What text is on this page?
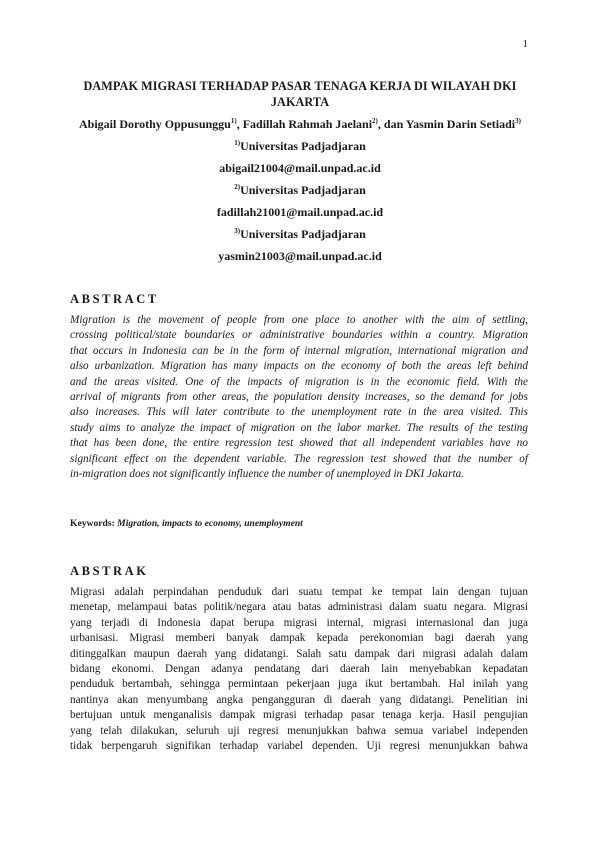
1
DAMPAK MIGRASI TERHADAP PASAR TENAGA KERJA DI WILAYAH DKI
JAKARTA
Abigail Dorothy Oppusunggu$^{1)}$, Fadillah Rahmah Jaelani$^{2)}$, dan Yasmin Darin Setiadi$^{3)}$
$^{1)}$Universitas Padjadjaran
abigail21004@mail.unpad.ac.id
$^{2)}$Universitas Padjadjaran
fadillah21001@mail.unpad.ac.id
$^{3)}$Universitas Padjadjaran
yasmin21003@mail.unpad.ac.id
ABSTRACT
Migration is the movement of people from one place to another with the aim of settling,
crossing political/state boundaries or administrative boundaries within a country. Migration
that occurs in Indonesia can be in the form of internal migration, international migration and
also urbanization. Migration has many impacts on the economy of both the areas left behind
and the areas visited. One of the impacts of migration is in the economic field. With the
arrival of migrants from other areas, the population density increases, so the demand for jobs
also increases. This will later contribute to the unemployment rate in the area visited. This
study aims to analyze the impact of migration on the labor market. The results of the testing
that has been done, the entire regression test showed that all independent variables have no
significant effect on the dependent variable. The regression test showed that the number of
in-migration does not significantly influence the number of unemployed in DKI Jakarta.
Keywords: Migration, impacts to economy, unemployment
ABSTRAK
Migrasi adalah perpindahan penduduk dari suatu tempat ke tempat lain dengan tujuan
menetap, melampaui batas politik/negara atau batas administrasi dalam suatu negara. Migrasi
yang terjadi di Indonesia dapat berupa migrasi internal, migrasi internasional dan juga
urbanisasi. Migrasi memberi banyak dampak kepada perekonomian bagi daerah yang
ditinggalkan maupun daerah yang didatangi. Salah satu dampak dari migrasi adalah dalam
bidang ekonomi. Dengan adanya pendatang dari daerah lain menyebabkan kepadatan
penduduk bertambah, sehingga permintaan pekerjaan juga ikut bertambah. Hal inilah yang
nantinya akan menyumbang angka pengangguran di daerah yang didatangi. Penelitian ini
bertujuan untuk menganalisis dampak migrasi terhadap pasar tenaga kerja. Hasil pengujian
yang telah dilakukan, seluruh uji regresi menunjukkan bahwa semua variabel independen
tidak berpengaruh signifikan terhadap variabel dependen. Uji regresi menunjukkan bahwa
